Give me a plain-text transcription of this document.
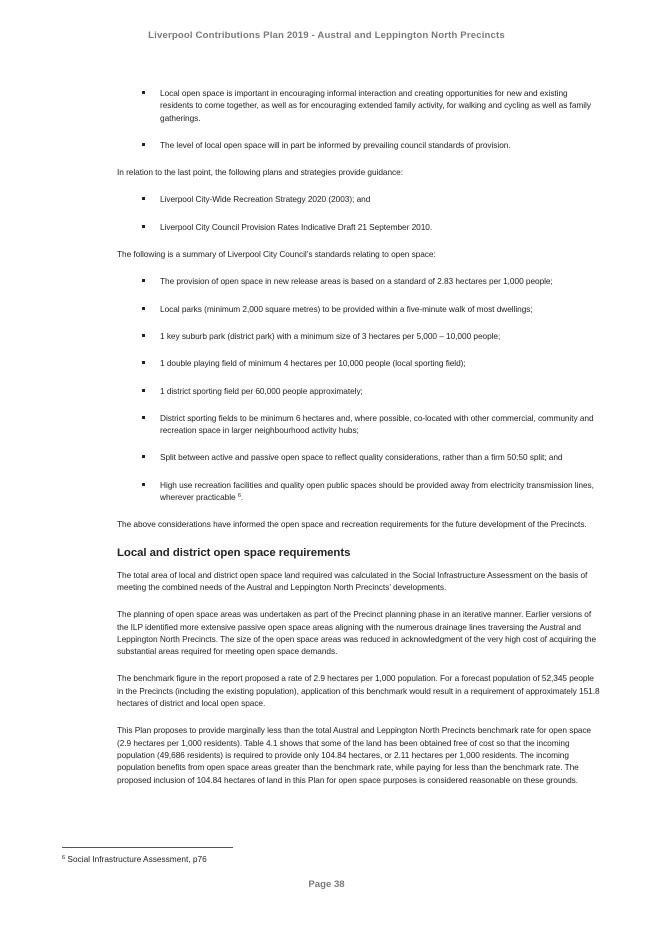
Liverpool Contributions Plan 2019 - Austral and Leppington North Precincts
Local open space is important in encouraging informal interaction and creating opportunities for new and existing residents to come together, as well as for encouraging extended family activity, for walking and cycling as well as family gatherings.
The level of local open space will in part be informed by prevailing council standards of provision.

In relation to the last point, the following plans and strategies provide guidance:

Liverpool City-Wide Recreation Strategy 2020 (2003); and
Liverpool City Council Provision Rates Indicative Draft 21 September 2010.

The following is a summary of Liverpool City Council’s standards relating to open space:

The provision of open space in new release areas is based on a standard of 2.83 hectares per 1,000 people;
Local parks (minimum 2,000 square metres) to be provided within a five-minute walk of most dwellings;
1 key suburb park (district park) with a minimum size of 3 hectares per 5,000 – 10,000 people;
1 double playing field of minimum 4 hectares per 10,000 people (local sporting field);
1 district sporting field per 60,000 people approximately;
District sporting fields to be minimum 6 hectares and, where possible, co-located with other commercial, community and recreation space in larger neighbourhood activity hubs;
Split between active and passive open space to reflect quality considerations, rather than a firm 50:50 split; and
High use recreation facilities and quality open public spaces should be provided away from electricity transmission lines, wherever practicable $^6$.

The above considerations have informed the open space and recreation requirements for the future development of the Precincts.

Local and district open space requirements

The total area of local and district open space land required was calculated in the Social Infrastructure Assessment on the basis of meeting the combined needs of the Austral and Leppington North Precincts’ developments.

The planning of open space areas was undertaken as part of the Precinct planning phase in an iterative manner. Earlier versions of the ILP identified more extensive passive open space areas aligning with the numerous drainage lines traversing the Austral and Leppington North Precincts. The size of the open space areas was reduced in acknowledgment of the very high cost of acquiring the substantial areas required for meeting open space demands.

The benchmark figure in the report proposed a rate of 2.9 hectares per 1,000 population. For a forecast population of 52,345 people in the Precincts (including the existing population), application of this benchmark would result in a requirement of approximately 151.8 hectares of district and local open space.

This Plan proposes to provide marginally less than the total Austral and Leppington North Precincts benchmark rate for open space (2.9 hectares per 1,000 residents). Table 4.1 shows that some of the land has been obtained free of cost so that the incoming population (49,686 residents) is required to provide only 104.84 hectares, or 2.11 hectares per 1,000 residents. The incoming population benefits from open space areas greater than the benchmark rate, while paying for less than the benchmark rate. The proposed inclusion of 104.84 hectares of land in this Plan for open space purposes is considered reasonable on these grounds.

$^6$ Social Infrastructure Assessment, p76
Page 38
